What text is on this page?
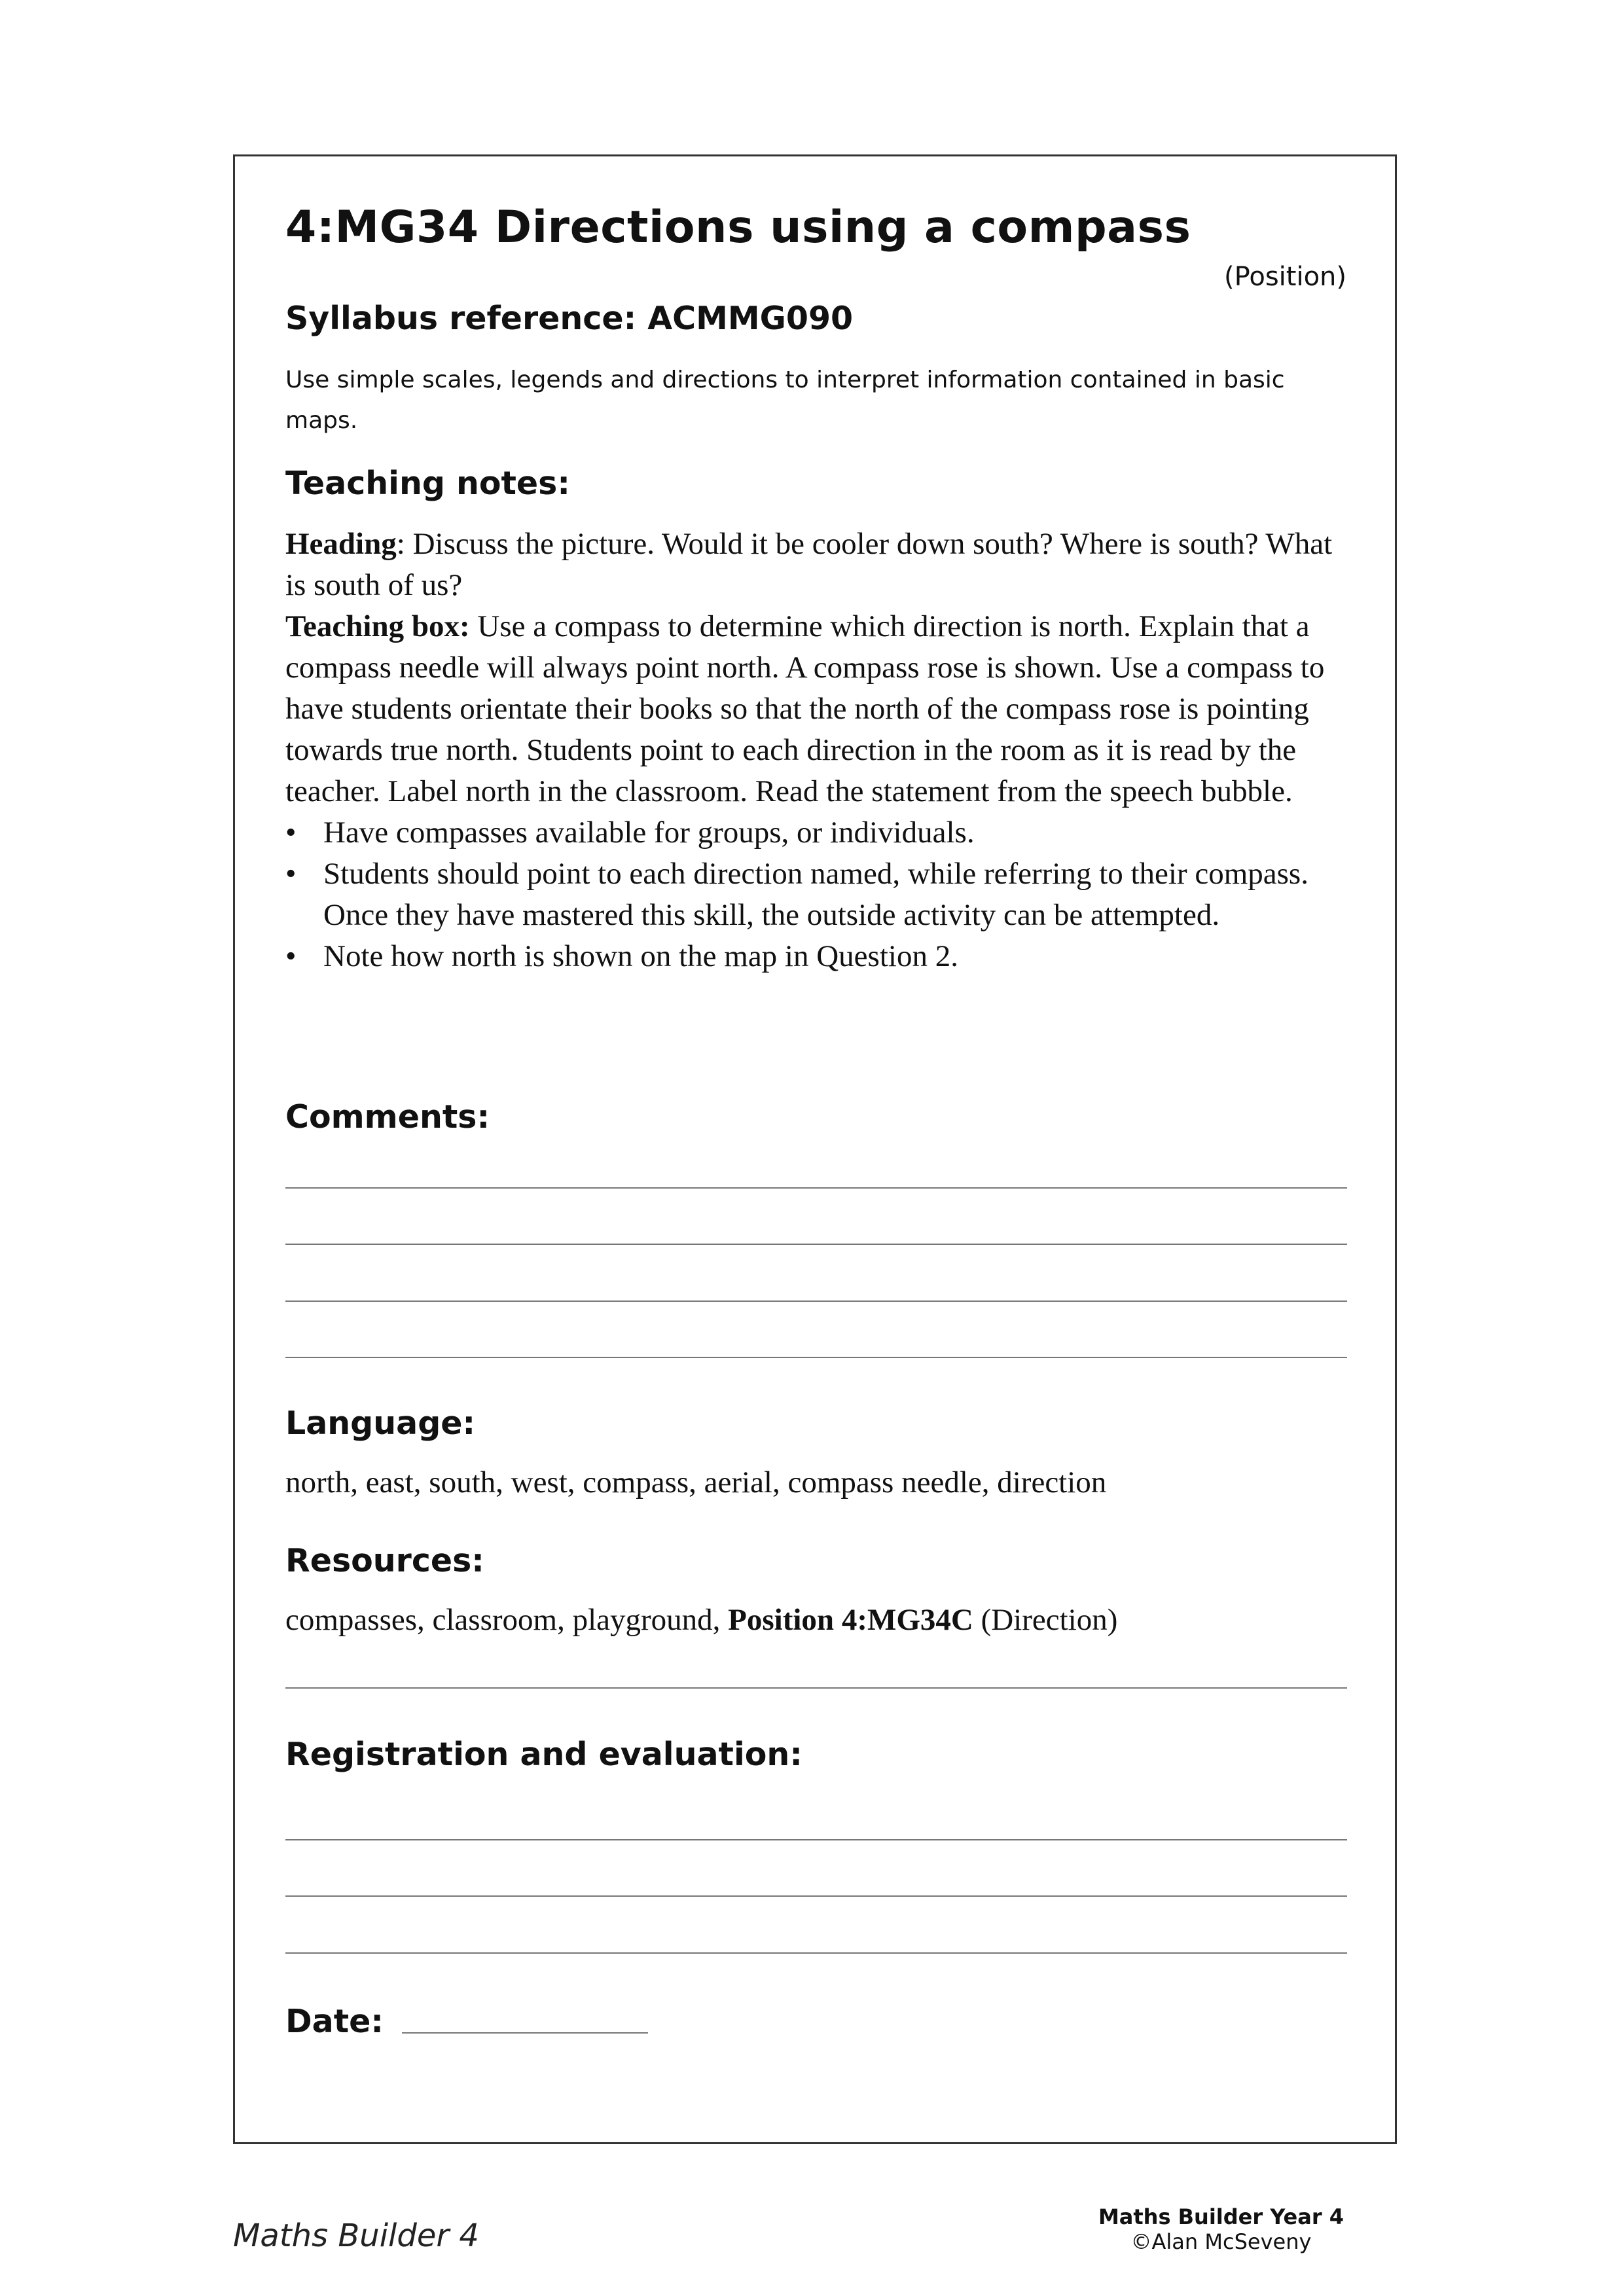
4:MG34 Directions using a compass
(Position)
Syllabus reference: ACMMG090
Use simple scales, legends and directions to interpret information contained in basic maps.
Teaching notes:

Heading: Discuss the picture. Would it be cooler down south? Where is south? What is south of us?

Teaching box: Use a compass to determine which direction is north. Explain that a compass needle will always point north. A compass rose is shown. Use a compass to have students orientate their books so that the north of the compass rose is pointing towards true north. Students point to each direction in the room as it is read by the teacher. Label north in the classroom. Read the statement from the speech bubble.

• Have compasses available for groups, or individuals.
• Students should point to each direction named, while referring to their compass. Once they have mastered this skill, the outside activity can be attempted.
• Note how north is shown on the map in Question 2.
Comments:
Language:
north, east, south, west, compass, aerial, compass needle, direction
Resources:
compasses, classroom, playground, Position 4:MG34C (Direction)
Registration and evaluation:
Date:
Maths Builder 4
Maths Builder Year 4
©Alan McSeveny
